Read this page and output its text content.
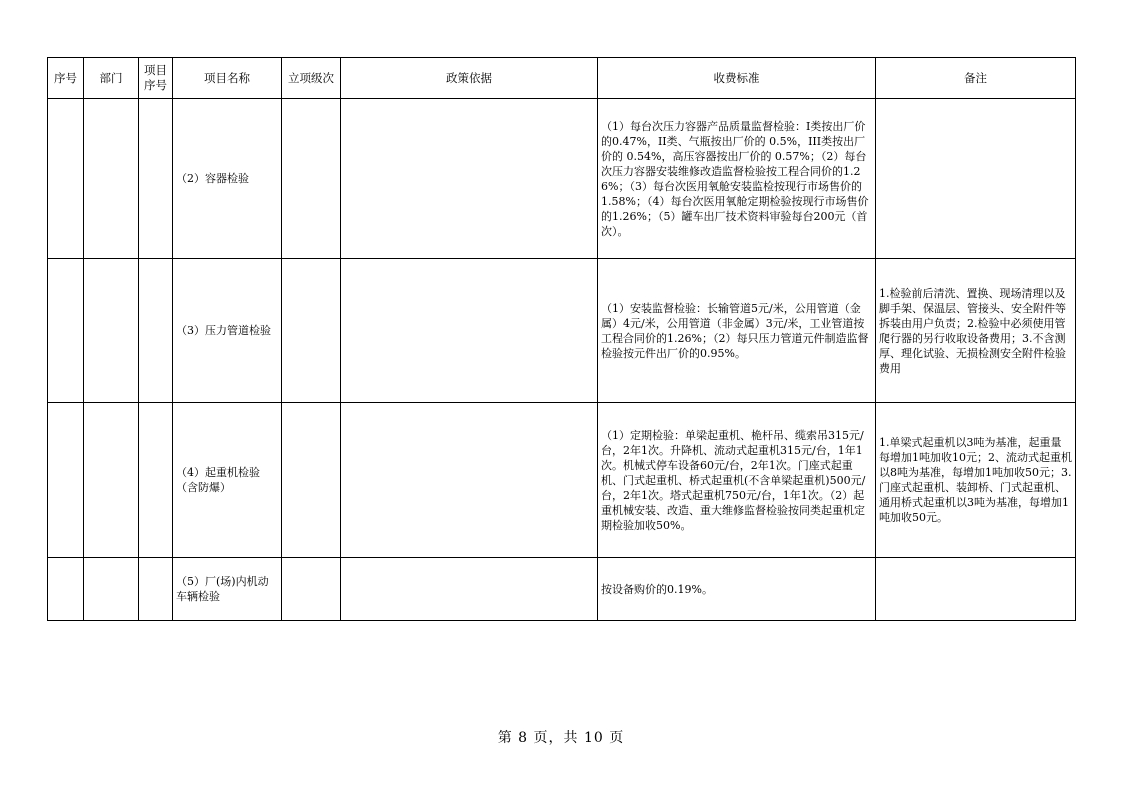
序号	部门	项目序号	项目名称	立项级次	政策依据	收费标准	备注
			（2）容器检验			（1）每台次压力容器产品质量监督检验：I类按出厂价的0.47%，II类、气瓶按出厂价的 0.5%，III类按出厂价的 0.54%，高压容器按出厂价的 0.57%；（2）每台次压力容器安装维修改造监督检验按工程合同价的1.26%；（3）每台次医用氧舱安装监检按现行市场售价的1.58%；（4）每台次医用氧舱定期检验按现行市场售价的1.26%；（5）罐车出厂技术资料审验每台200元（首次）。	
			（3）压力管道检验			（1）安装监督检验：长输管道5元/米，公用管道（金属）4元/米，公用管道（非金属）3元/米，工业管道按工程合同价的1.26%；（2）每只压力管道元件制造监督检验按元件出厂价的0.95%。	1.检验前后清洗、置换、现场清理以及脚手架、保温层、管接头、安全附件等拆装由用户负责；2.检验中必须使用管爬行器的另行收取设备费用；3.不含测厚、理化试验、无损检测安全附件检验费用
			（4）起重机检验（含防爆）			（1）定期检验：单梁起重机、桅杆吊、缆索吊315元/台，2年1次。升降机、流动式起重机315元/台，1年1次。机械式停车设备60元/台，2年1次。门座式起重机、门式起重机、桥式起重机(不含单梁起重机)500元/台，2年1次。塔式起重机750元/台，1年1次。（2）起重机械安装、改造、重大维修监督检验按同类起重机定期检验加收50%。	1.单梁式起重机以3吨为基准，起重量每增加1吨加收10元；2、流动式起重机以8吨为基准，每增加1吨加收50元；3.门座式起重机、装卸桥、门式起重机、通用桥式起重机以3吨为基准，每增加1吨加收50元。
			（5）厂(场)内机动车辆检验			按设备购价的0.19%。	
第 8 页，共 10 页
